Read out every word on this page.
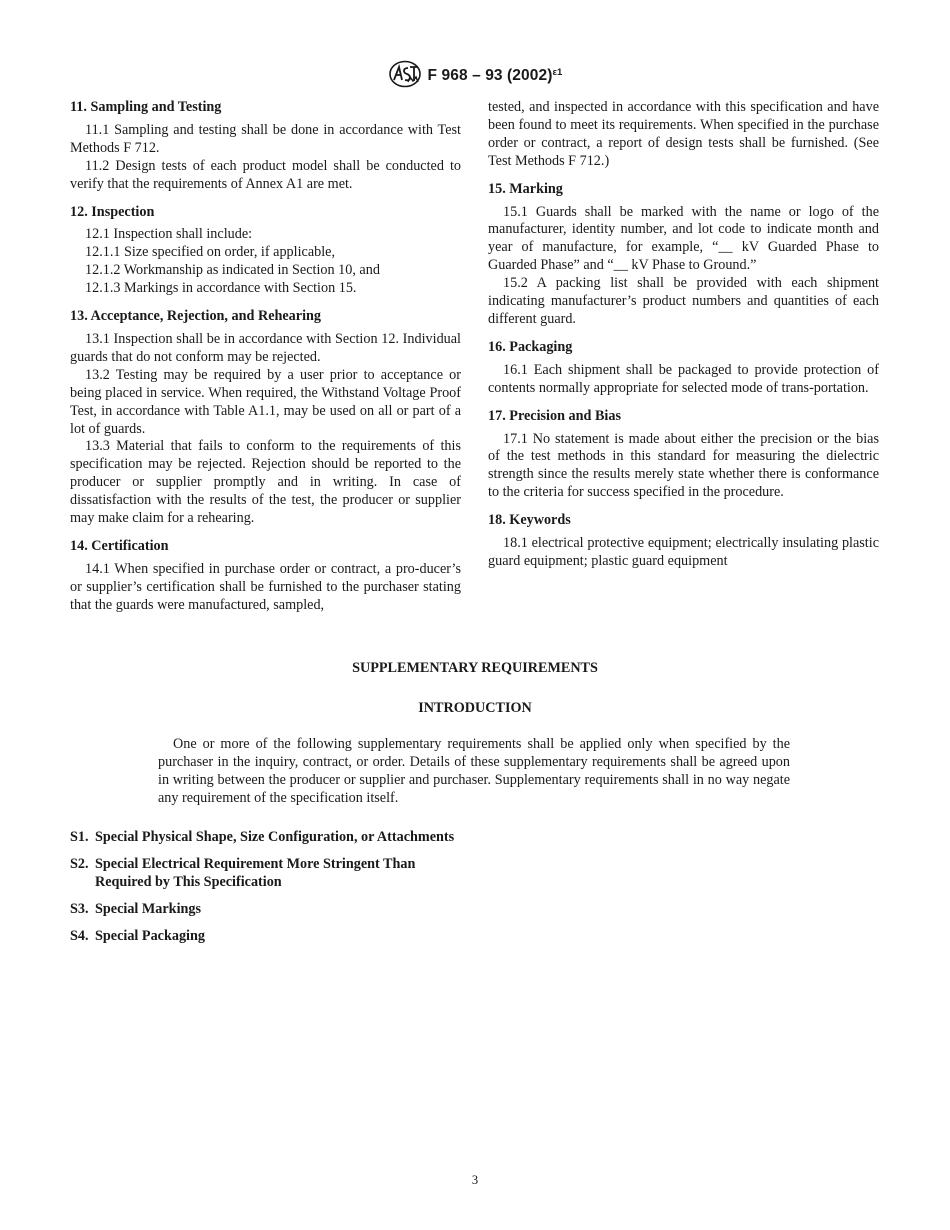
F 968 – 93 $(2002)^{\varepsilon 1}$
11. Sampling and Testing

11.1 Sampling and testing shall be done in accordance with Test Methods F 712.

11.2 Design tests of each product model shall be conducted to verify that the requirements of Annex A1 are met.

12. Inspection

12.1 Inspection shall include:

12.1.1 Size specified on order, if applicable,

12.1.2 Workmanship as indicated in Section 10, and

12.1.3 Markings in accordance with Section 15.

13. Acceptance, Rejection, and Rehearing

13.1 Inspection shall be in accordance with Section 12. Individual guards that do not conform may be rejected.

13.2 Testing may be required by a user prior to acceptance or being placed in service. When required, the Withstand Voltage Proof Test, in accordance with Table A1.1, may be used on all or part of a lot of guards.

13.3 Material that fails to conform to the requirements of this specification may be rejected. Rejection should be reported to the producer or supplier promptly and in writing. In case of dissatisfaction with the results of the test, the producer or supplier may make claim for a rehearing.

14. Certification

14.1 When specified in purchase order or contract, a pro-ducer’s or supplier’s certification shall be furnished to the purchaser stating that the guards were manufactured, sampled,

tested, and inspected in accordance with this specification and have been found to meet its requirements. When specified in the purchase order or contract, a report of design tests shall be furnished. (See Test Methods F 712.)

15. Marking

15.1 Guards shall be marked with the name or logo of the manufacturer, identity number, and lot code to indicate month and year of manufacture, for example, “__ kV Guarded Phase to Guarded Phase” and “__ kV Phase to Ground.”

15.2 A packing list shall be provided with each shipment indicating manufacturer’s product numbers and quantities of each different guard.

16. Packaging

16.1 Each shipment shall be packaged to provide protection of contents normally appropriate for selected mode of trans-portation.

17. Precision and Bias

17.1 No statement is made about either the precision or the bias of the test methods in this standard for measuring the dielectric strength since the results merely state whether there is conformance to the criteria for success specified in the procedure.

18. Keywords

18.1 electrical protective equipment; electrically insulating plastic guard equipment; plastic guard equipment

SUPPLEMENTARY REQUIREMENTS
INTRODUCTION

One or more of the following supplementary requirements shall be applied only when specified by the purchaser in the inquiry, contract, or order. Details of these supplementary requirements shall be agreed upon in writing between the producer or supplier and purchaser. Supplementary requirements shall in no way negate any requirement of the specification itself.

S1. Special Physical Shape, Size Configuration, or Attachments
S2. Special Electrical Requirement More Stringent Than Required by This Specification
S3. Special Markings
S4. Special Packaging
3
